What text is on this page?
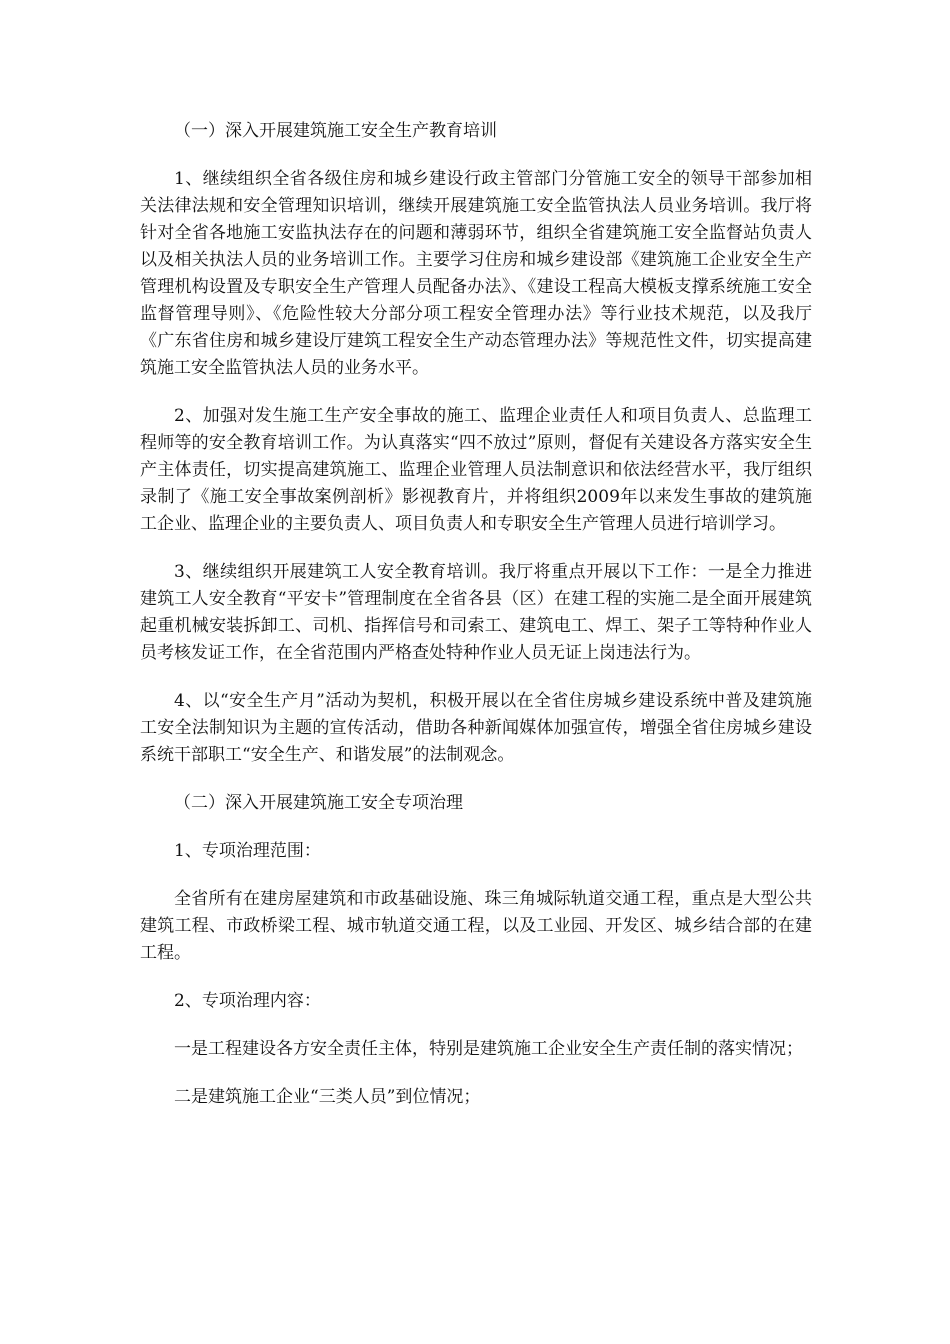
（一）深入开展建筑施工安全生产教育培训

1、继续组织全省各级住房和城乡建设行政主管部门分管施工安全的领导干部参加相关法律法规和安全管理知识培训，继续开展建筑施工安全监管执法人员业务培训。我厅将针对全省各地施工安监执法存在的问题和薄弱环节，组织全省建筑施工安全监督站负责人以及相关执法人员的业务培训工作。主要学习住房和城乡建设部《建筑施工企业安全生产管理机构设置及专职安全生产管理人员配备办法》、《建设工程高大模板支撑系统施工安全监督管理导则》、《危险性较大分部分项工程安全管理办法》等行业技术规范，以及我厅《广东省住房和城乡建设厅建筑工程安全生产动态管理办法》等规范性文件，切实提高建筑施工安全监管执法人员的业务水平。

2、加强对发生施工生产安全事故的施工、监理企业责任人和项目负责人、总监理工程师等的安全教育培训工作。为认真落实“四不放过”原则，督促有关建设各方落实安全生产主体责任，切实提高建筑施工、监理企业管理人员法制意识和依法经营水平，我厅组织录制了《施工安全事故案例剖析》影视教育片，并将组织2009年以来发生事故的建筑施工企业、监理企业的主要负责人、项目负责人和专职安全生产管理人员进行培训学习。

3、继续组织开展建筑工人安全教育培训。我厅将重点开展以下工作：一是全力推进建筑工人安全教育“平安卡”管理制度在全省各县（区）在建工程的实施二是全面开展建筑起重机械安装拆卸工、司机、指挥信号和司索工、建筑电工、焊工、架子工等特种作业人员考核发证工作，在全省范围内严格查处特种作业人员无证上岗违法行为。

4、以“安全生产月”活动为契机，积极开展以在全省住房城乡建设系统中普及建筑施工安全法制知识为主题的宣传活动，借助各种新闻媒体加强宣传，增强全省住房城乡建设系统干部职工“安全生产、和谐发展”的法制观念。

（二）深入开展建筑施工安全专项治理

1、专项治理范围：

全省所有在建房屋建筑和市政基础设施、珠三角城际轨道交通工程，重点是大型公共建筑工程、市政桥梁工程、城市轨道交通工程，以及工业园、开发区、城乡结合部的在建工程。

2、专项治理内容：

一是工程建设各方安全责任主体，特别是建筑施工企业安全生产责任制的落实情况；

二是建筑施工企业“三类人员”到位情况；
